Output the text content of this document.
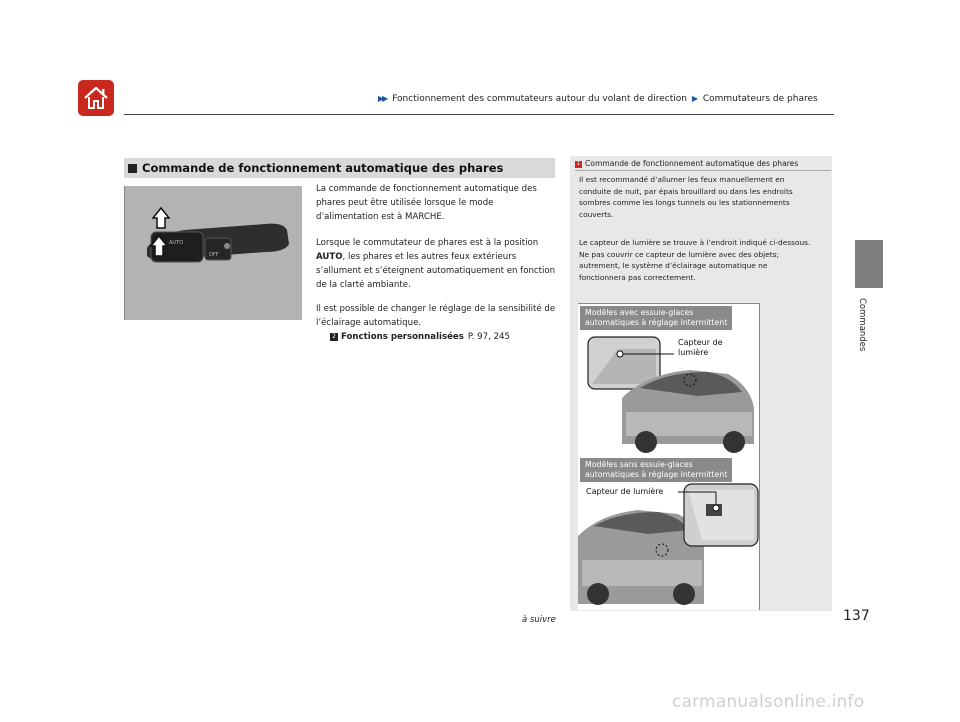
▶▶ Fonctionnement des commutateurs autour du volant de direction ▶ Commutateurs de phares
Commandes
Commande de fonctionnement automatique des phares
AUTO
OFF

La commande de fonctionnement automatique des phares peut être utilisée lorsque le mode d’alimentation est à MARCHE.

Lorsque le commutateur de phares est à la position AUTO, les phares et les autres feux extérieurs s’allument et s’éteignent automatiquement en fonction de la clarté ambiante.

Il est possible de changer le réglage de la sensibilité de l’éclairage automatique.
2 Fonctions personnalisées P. 97, 245

1 Commande de fonctionnement automatique des phares

Il est recommandé d’allumer les feux manuellement en conduite de nuit, par épais brouillard ou dans les endroits sombres comme les longs tunnels ou les stationnements couverts.

Le capteur de lumière se trouve à l’endroit indiqué ci-dessous.
Ne pas couvrir ce capteur de lumière avec des objets; autrement, le système d’éclairage automatique ne fonctionnera pas correctement.

Modèles avec essuie-glaces
automatiques à réglage intermittent
Capteur de
lumière
Modèles sans essuie-glaces
automatiques à réglage intermittent
Capteur de lumière
à suivre	137
carmanualsonline.info
